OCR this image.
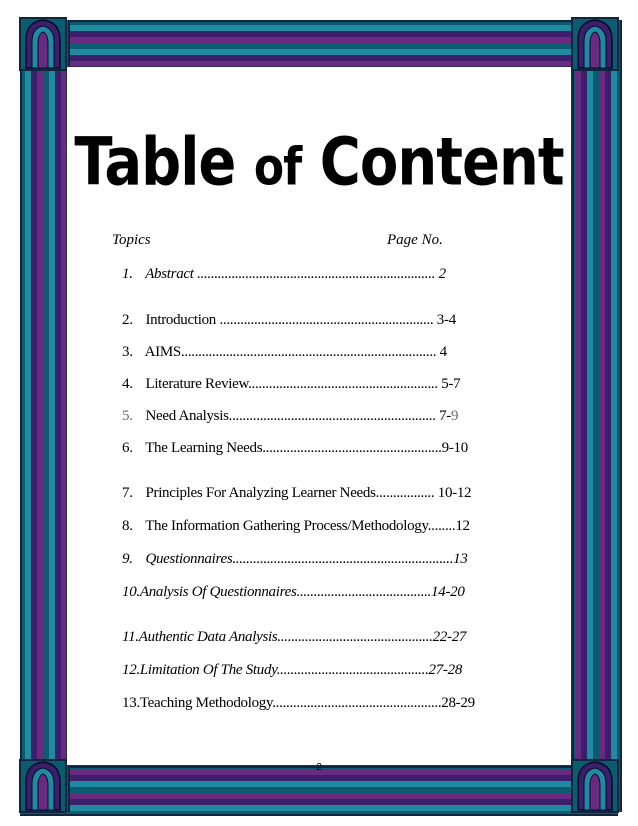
Table of Content
Topics	Page No.
1. Abstract ..................................................................... 2
2. Introduction .............................................................. 3-4
3. AIMS.......................................................................... 4
4. Literature Review....................................................... 5-7
5. Need Analysis............................................................ 7-9
6. The Learning Needs....................................................9-10
7. Principles For Analyzing Learner Needs................. 10-12
8. The Information Gathering Process/Methodology........12
9. Questionnaires................................................................13
10.Analysis Of Questionnaires.......................................14-20
11.Authentic Data Analysis.............................................22-27
12.Limitation Of The Study............................................27-28
13.Teaching Methodology.................................................28-29
2
